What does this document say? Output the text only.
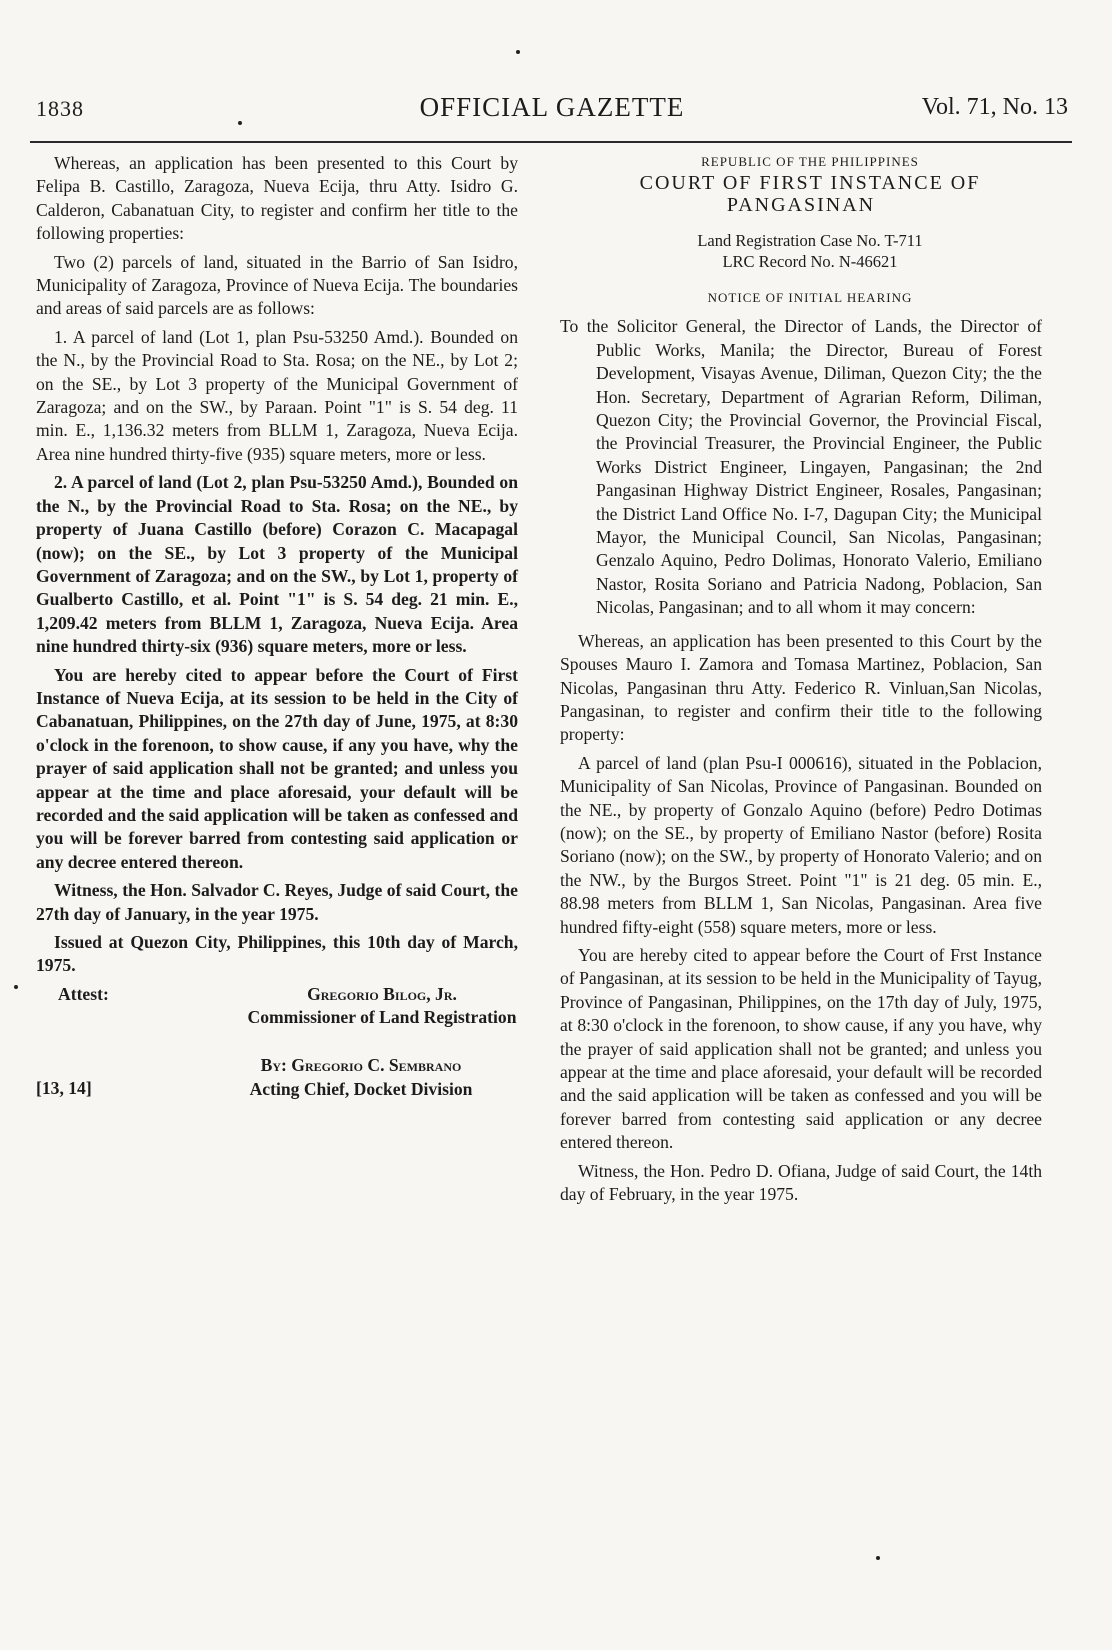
1838	OFFICIAL GAZETTE	Vol. 71, No. 13

Whereas, an application has been presented to this Court by Felipa B. Castillo, Zaragoza, Nueva Ecija, thru Atty. Isidro G. Calderon, Cabanatuan City, to register and confirm her title to the following properties:

Two (2) parcels of land, situated in the Barrio of San Isidro, Municipality of Zaragoza, Province of Nueva Ecija. The boundaries and areas of said parcels are as follows:

1. A parcel of land (Lot 1, plan Psu-53250 Amd.). Bounded on the N., by the Provincial Road to Sta. Rosa; on the NE., by Lot 2; on the SE., by Lot 3 property of the Municipal Government of Zaragoza; and on the SW., by Paraan. Point "1" is S. 54 deg. 11 min. E., 1,136.32 meters from BLLM 1, Zaragoza, Nueva Ecija. Area nine hundred thirty-five (935) square meters, more or less.

2. A parcel of land (Lot 2, plan Psu-53250 Amd.), Bounded on the N., by the Provincial Road to Sta. Rosa; on the NE., by property of Juana Castillo (before) Corazon C. Macapagal (now); on the SE., by Lot 3 property of the Municipal Government of Zaragoza; and on the SW., by Lot 1, property of Gualberto Castillo, et al. Point "1" is S. 54 deg. 21 min. E., 1,209.42 meters from BLLM 1, Zaragoza, Nueva Ecija. Area nine hundred thirty-six (936) square meters, more or less.

You are hereby cited to appear before the Court of First Instance of Nueva Ecija, at its session to be held in the City of Cabanatuan, Philippines, on the 27th day of June, 1975, at 8:30 o'clock in the forenoon, to show cause, if any you have, why the prayer of said application shall not be granted; and unless you appear at the time and place aforesaid, your default will be recorded and the said application will be taken as confessed and you will be forever barred from contesting said application or any decree entered thereon.

Witness, the Hon. Salvador C. Reyes, Judge of said Court, the 27th day of January, in the year 1975.

Issued at Quezon City, Philippines, this 10th day of March, 1975.

Attest:	Gregorio Bilog, Jr.
Commissioner of Land Registration
By: Gregorio C. Sembrano
Acting Chief, Docket Division
[13, 14]

REPUBLIC OF THE PHILIPPINES

COURT OF FIRST INSTANCE OF PANGASINAN

Land Registration Case No. T-711

LRC Record No. N-46621

NOTICE OF INITIAL HEARING

To the Solicitor General, the Director of Lands, the Director of Public Works, Manila; the Director, Bureau of Forest Development, Visayas Avenue, Diliman, Quezon City; the the Hon. Secretary, Department of Agrarian Reform, Diliman, Quezon City; the Provincial Governor, the Provincial Fiscal, the Provincial Treasurer, the Provincial Engineer, the Public Works District Engineer, Lingayen, Pangasinan; the 2nd Pangasinan Highway District Engineer, Rosales, Pangasinan; the District Land Office No. I-7, Dagupan City; the Municipal Mayor, the Municipal Council, San Nicolas, Pangasinan; Genzalo Aquino, Pedro Dolimas, Honorato Valerio, Emiliano Nastor, Rosita Soriano and Patricia Nadong, Poblacion, San Nicolas, Pangasinan; and to all whom it may concern:

Whereas, an application has been presented to this Court by the Spouses Mauro I. Zamora and Tomasa Martinez, Poblacion, San Nicolas, Pangasinan thru Atty. Federico R. Vinluan,San Nicolas, Pangasinan, to register and confirm their title to the following property:

A parcel of land (plan Psu-I 000616), situated in the Poblacion, Municipality of San Nicolas, Province of Pangasinan. Bounded on the NE., by property of Gonzalo Aquino (before) Pedro Dotimas (now); on the SE., by property of Emiliano Nastor (before) Rosita Soriano (now); on the SW., by property of Honorato Valerio; and on the NW., by the Burgos Street. Point "1" is 21 deg. 05 min. E., 88.98 meters from BLLM 1, San Nicolas, Pangasinan. Area five hundred fifty-eight (558) square meters, more or less.

You are hereby cited to appear before the Court of Frst Instance of Pangasinan, at its session to be held in the Municipality of Tayug, Province of Pangasinan, Philippines, on the 17th day of July, 1975, at 8:30 o'clock in the forenoon, to show cause, if any you have, why the prayer of said application shall not be granted; and unless you appear at the time and place aforesaid, your default will be recorded and the said application will be taken as confessed and you will be forever barred from contesting said application or any decree entered thereon.

Witness, the Hon. Pedro D. Ofiana, Judge of said Court, the 14th day of February, in the year 1975.
